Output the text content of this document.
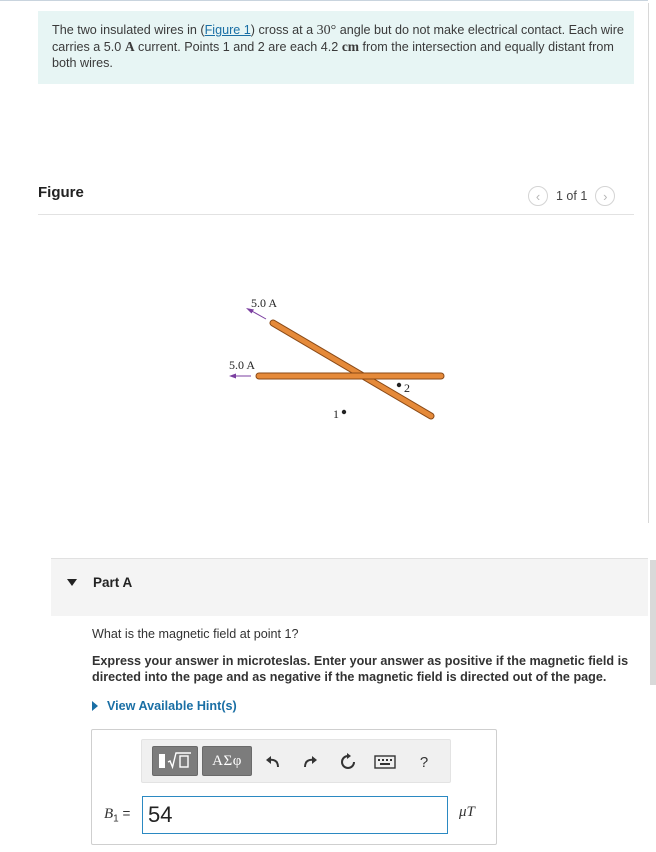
The two insulated wires in (Figure 1) cross at a 30° angle but do not make electrical contact. Each wire carries a 5.0 A current. Points 1 and 2 are each 4.2 cm from the intersection and equally distant from both wires.
Figure	‹ 1 of 1 ›
5.0 A
5.0 A
2
1
Part A
What is the magnetic field at point 1?
Express your answer in microteslas. Enter your answer as positive if the magnetic field is directed into the page and as negative if the magnetic field is directed out of the page.
View Available Hint(s)
ΑΣφ	?
$B_1$ =
54	μT
